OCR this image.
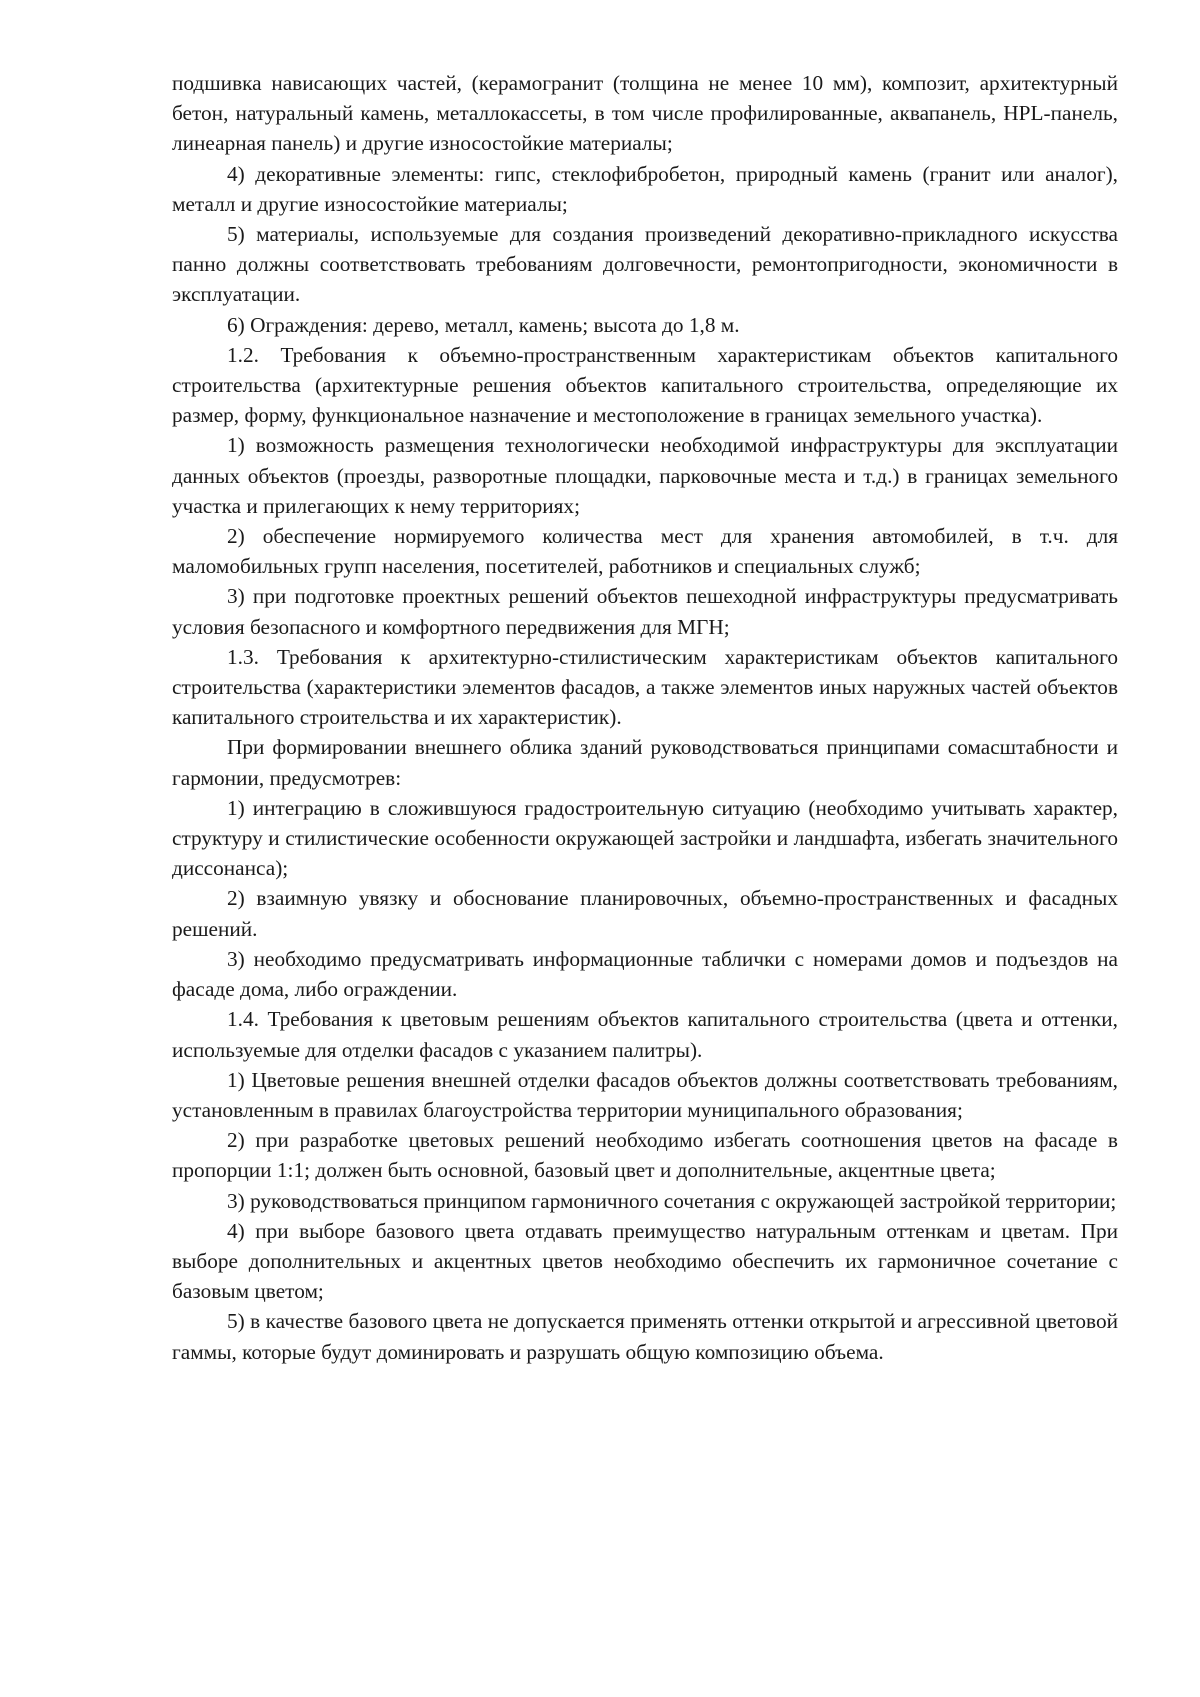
подшивка нависающих частей, (керамогранит (толщина не менее 10 мм), композит, архитектурный бетон, натуральный камень, металлокассеты, в том числе профилированные, аквапанель, HPL-панель, линеарная панель) и другие износостойкие материалы;

4) декоративные элементы: гипс, стеклофибробетон, природный камень (гранит или аналог), металл и другие износостойкие материалы;

5) материалы, используемые для создания произведений декоративно-прикладного искусства панно должны соответствовать требованиям долговечности, ремонтопригодности, экономичности в эксплуатации.

6) Ограждения: дерево, металл, камень; высота до 1,8 м.

1.2. Требования к объемно-пространственным характеристикам объектов капитального строительства (архитектурные решения объектов капитального строительства, определяющие их размер, форму, функциональное назначение и местоположение в границах земельного участка).

1) возможность размещения технологически необходимой инфраструктуры для эксплуатации данных объектов (проезды, разворотные площадки, парковочные места и т.д.) в границах земельного участка и прилегающих к нему территориях;

2) обеспечение нормируемого количества мест для хранения автомобилей, в т.ч. для маломобильных групп населения, посетителей, работников и специальных служб;

3) при подготовке проектных решений объектов пешеходной инфраструктуры предусматривать условия безопасного и комфортного передвижения для МГН;

1.3. Требования к архитектурно-стилистическим характеристикам объектов капитального строительства (характеристики элементов фасадов, а также элементов иных наружных частей объектов капитального строительства и их характеристик).

При формировании внешнего облика зданий руководствоваться принципами сомасштабности и гармонии, предусмотрев:

1) интеграцию в сложившуюся градостроительную ситуацию (необходимо учитывать характер, структуру и стилистические особенности окружающей застройки и ландшафта, избегать значительного диссонанса);

2) взаимную увязку и обоснование планировочных, объемно-пространственных и фасадных решений.

3) необходимо предусматривать информационные таблички с номерами домов и подъездов на фасаде дома, либо ограждении.

1.4. Требования к цветовым решениям объектов капитального строительства (цвета и оттенки, используемые для отделки фасадов с указанием палитры).

1) Цветовые решения внешней отделки фасадов объектов должны соответствовать требованиям, установленным в правилах благоустройства территории муниципального образования;

2) при разработке цветовых решений необходимо избегать соотношения цветов на фасаде в пропорции 1:1; должен быть основной, базовый цвет и дополнительные, акцентные цвета;

3) руководствоваться принципом гармоничного сочетания с окружающей застройкой территории;

4) при выборе базового цвета отдавать преимущество натуральным оттенкам и цветам. При выборе дополнительных и акцентных цветов необходимо обеспечить их гармоничное сочетание с базовым цветом;

5) в качестве базового цвета не допускается применять оттенки открытой и агрессивной цветовой гаммы, которые будут доминировать и разрушать общую композицию объема.
